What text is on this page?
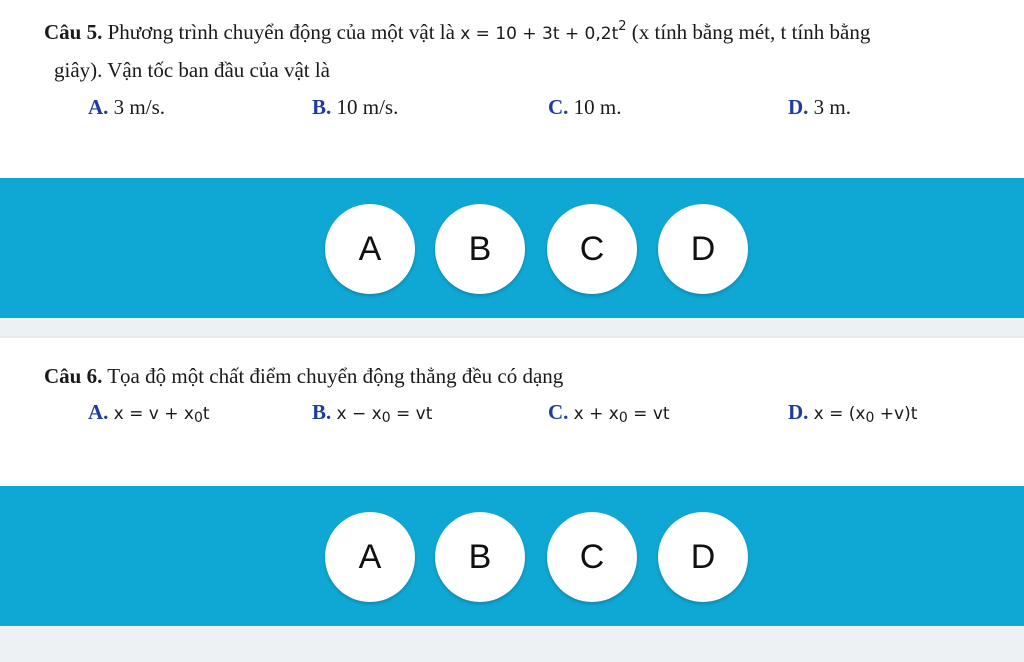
Câu 5. Phương trình chuyển động của một vật là $x = 10 + 3t + 0,2t^2$ (x tính bằng mét, t tính bằng
giây). Vận tốc ban đầu của vật là
A. 3 m/s.	B. 10 m/s.	C. 10 m.	D. 3 m.
A	B	C	D
Câu 6. Tọa độ một chất điểm chuyển động thẳng đều có dạng
A. $x = v + x_0t$	B. $x - x_0$ = vt	C. $x + x_0$ = vt	D. $x = (x_0 +v)t$
A	B	C	D
